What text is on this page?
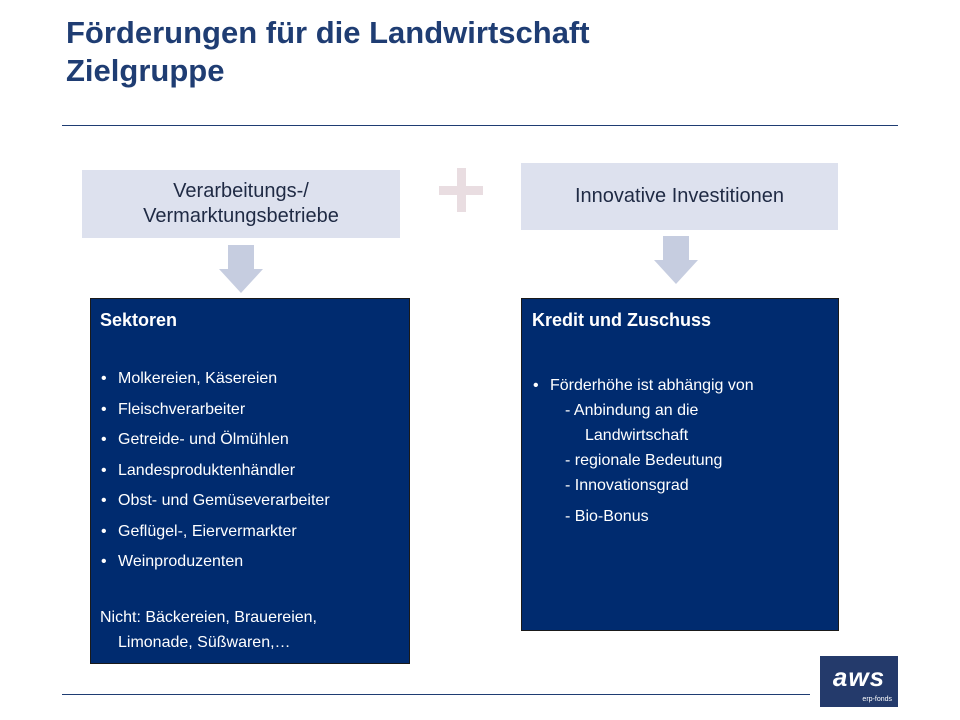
Förderungen für die Landwirtschaft
Zielgruppe
Verarbeitungs-/
Vermarktungsbetriebe
Innovative Investitionen

Sektoren

• Molkereien, Käsereien
• Fleischverarbeiter
• Getreide- und Ölmühlen
• Landesproduktenhändler
• Obst- und Gemüseverarbeiter
• Geflügel-, Eiervermarkter
• Weinproduzenten
Nicht: Bäckereien, Brauereien,
Limonade, Süßwaren,…

Kredit und Zuschuss

• Förderhöhe ist abhängig von
- Anbindung an die
Landwirtschaft
- regionale Bedeutung
- Innovationsgrad
- Bio-Bonus
aws
erp-fonds
